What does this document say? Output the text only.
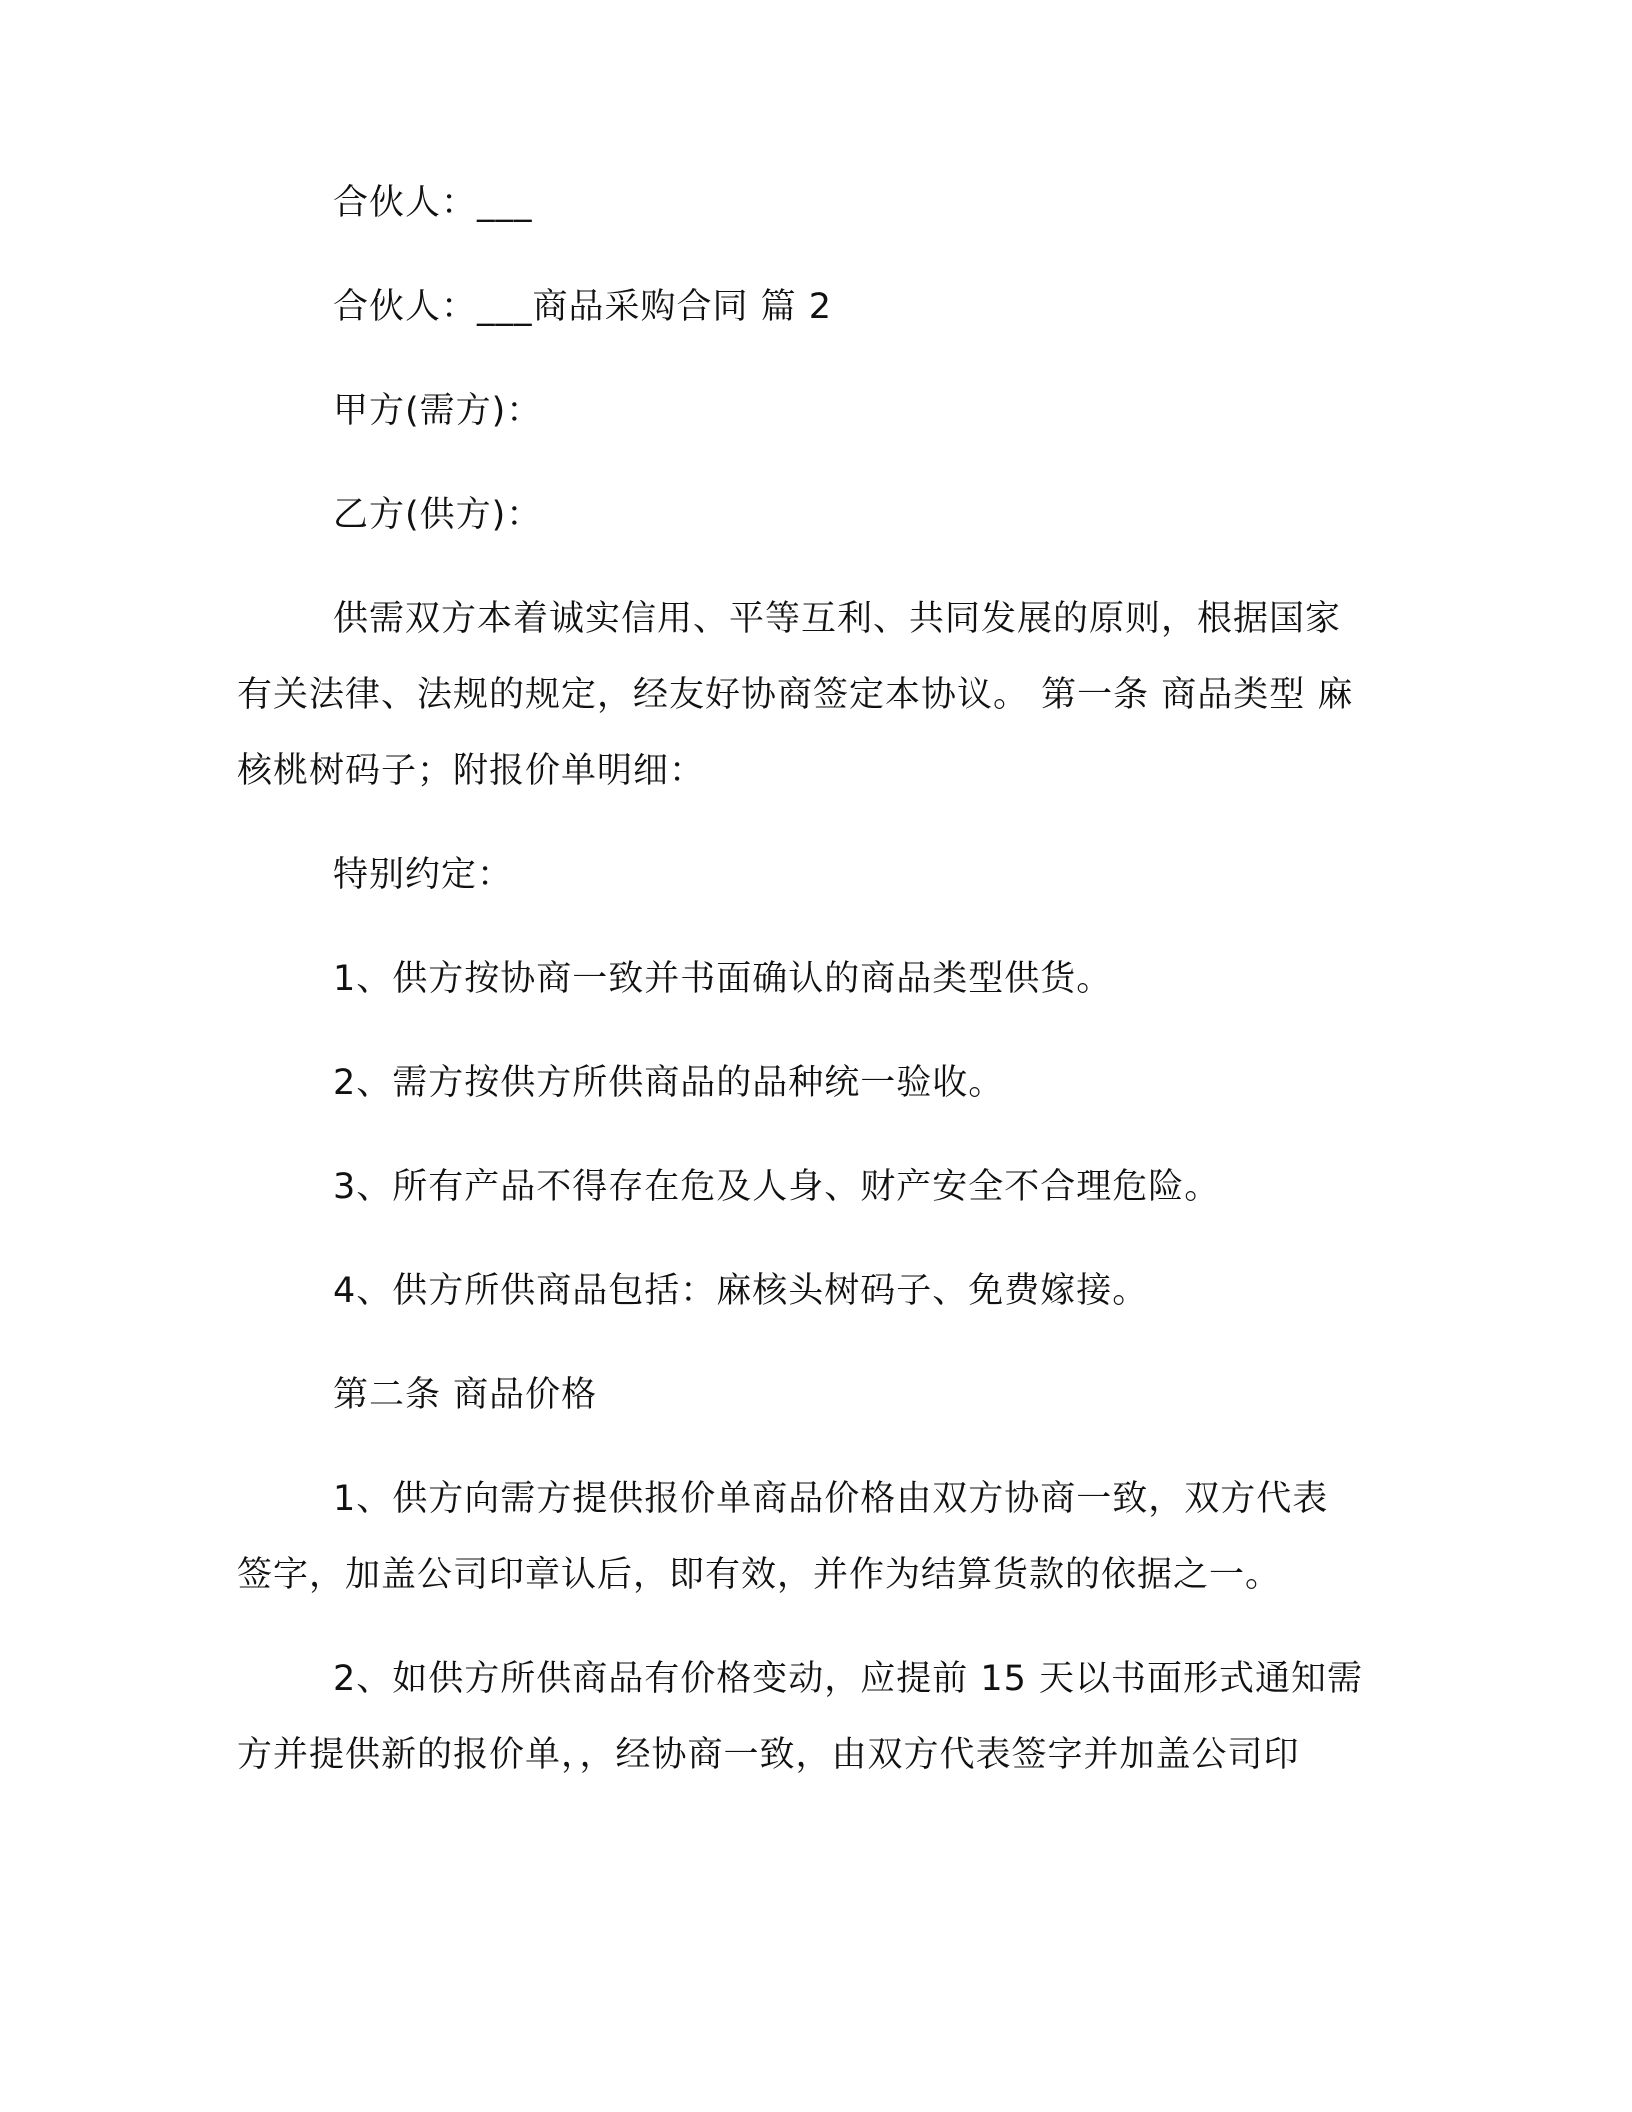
合伙人：___
合伙人：___商品采购合同 篇 2
甲方(需方)：
乙方(供方)：
供需双方本着诚实信用、平等互利、共同发展的原则，根据国家
有关法律、法规的规定，经友好协商签定本协议。 第一条 商品类型 麻
核桃树码子；附报价单明细：
特别约定：
1、供方按协商一致并书面确认的商品类型供货。
2、需方按供方所供商品的品种统一验收。
3、所有产品不得存在危及人身、财产安全不合理危险。
4、供方所供商品包括：麻核头树码子、免费嫁接。
第二条 商品价格
1、供方向需方提供报价单商品价格由双方协商一致，双方代表
签字，加盖公司印章认后，即有效，并作为结算货款的依据之一。
2、如供方所供商品有价格变动，应提前 15 天以书面形式通知需
方并提供新的报价单，，经协商一致，由双方代表签字并加盖公司印
